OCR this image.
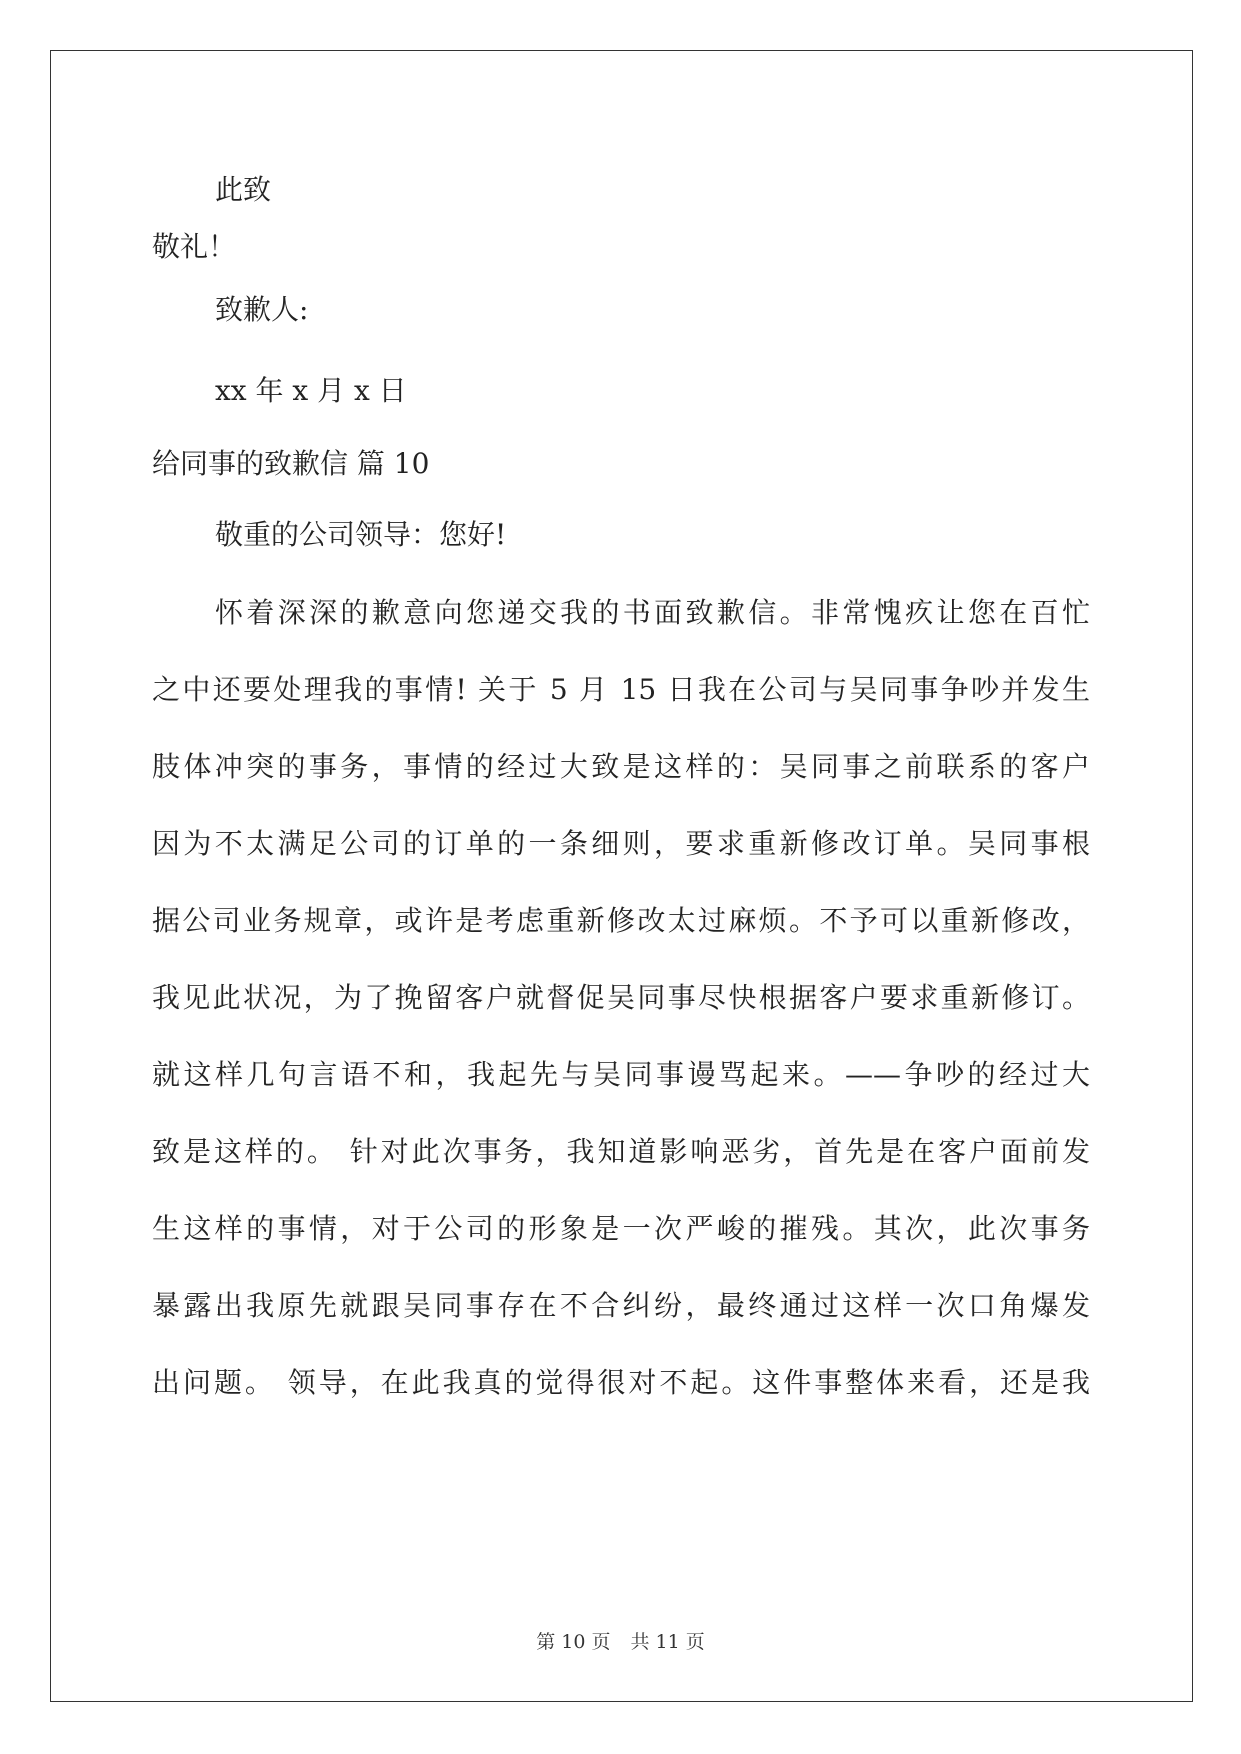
此致
敬礼！
致歉人:
xx 年 x 月 x 日
给同事的致歉信 篇 10
敬重的公司领导：您好!
怀着深深的歉意向您递交我的书面致歉信。非常愧疚让您在百忙
之中还要处理我的事情! 关于 5 月 15 日我在公司与吴同事争吵并发生
肢体冲突的事务，事情的经过大致是这样的：吴同事之前联系的客户
因为不太满足公司的订单的一条细则，要求重新修改订单。吴同事根
据公司业务规章，或许是考虑重新修改太过麻烦。不予可以重新修改，
我见此状况，为了挽留客户就督促吴同事尽快根据客户要求重新修订。
就这样几句言语不和，我起先与吴同事谩骂起来。——争吵的经过大
致是这样的。 针对此次事务，我知道影响恶劣，首先是在客户面前发
生这样的事情，对于公司的形象是一次严峻的摧残。其次，此次事务
暴露出我原先就跟吴同事存在不合纠纷，最终通过这样一次口角爆发
出问题。 领导，在此我真的觉得很对不起。这件事整体来看，还是我
第 10 页 共 11 页
